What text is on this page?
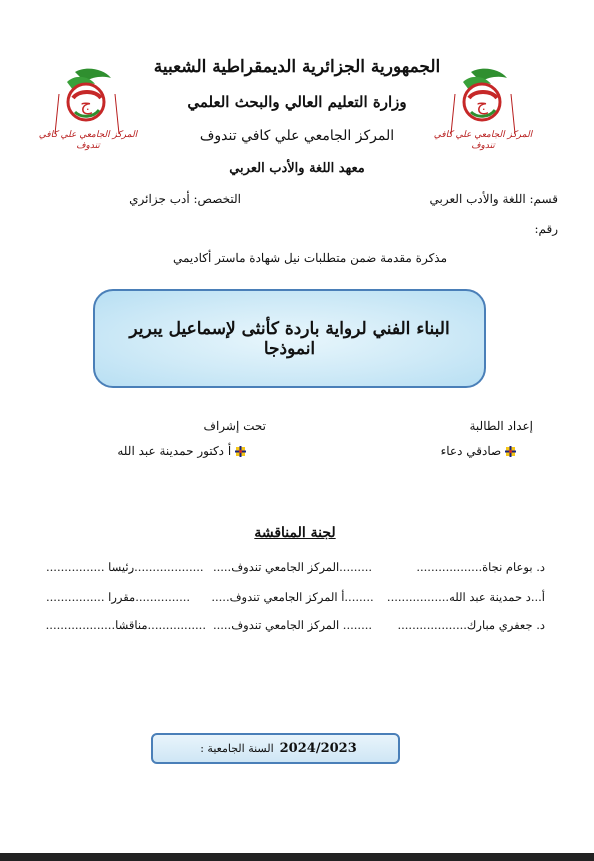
ج
المركز الجامعي علي كافي تندوف
ج
المركز الجامعي علي كافي تندوف
الجمهورية الجزائرية الديمقراطية الشعبية
وزارة التعليم العالي والبحث العلمي
المركز الجامعي علي كافي تندوف
معهد اللغة والأدب العربي
قسم: اللغة والأدب العربي
التخصص: أدب جزائري
رقم:
مذكرة مقدمة ضمن متطلبات نيل شهادة ماستر أكاديمي
البناء الفني لرواية باردة كأنثى لإسماعيل يبرير انموذجا
إعداد الطالبة
تحت إشراف
صادقي دعاء
أ دكتور حمدينة عبد الله
لجنة المناقشة
د. بوعام نجاة..................
.........المركز الجامعي تندوف.....
...................رئيسا ................
أ...د حمدينة عبد الله.................
........أ المركز الجامعي تندوف.....
...............مقررا ................
د. جعفري مبارك...................
........ المركز الجامعي تندوف.....
................مناقشا...................
السنة الجامعية : 2024/2023
